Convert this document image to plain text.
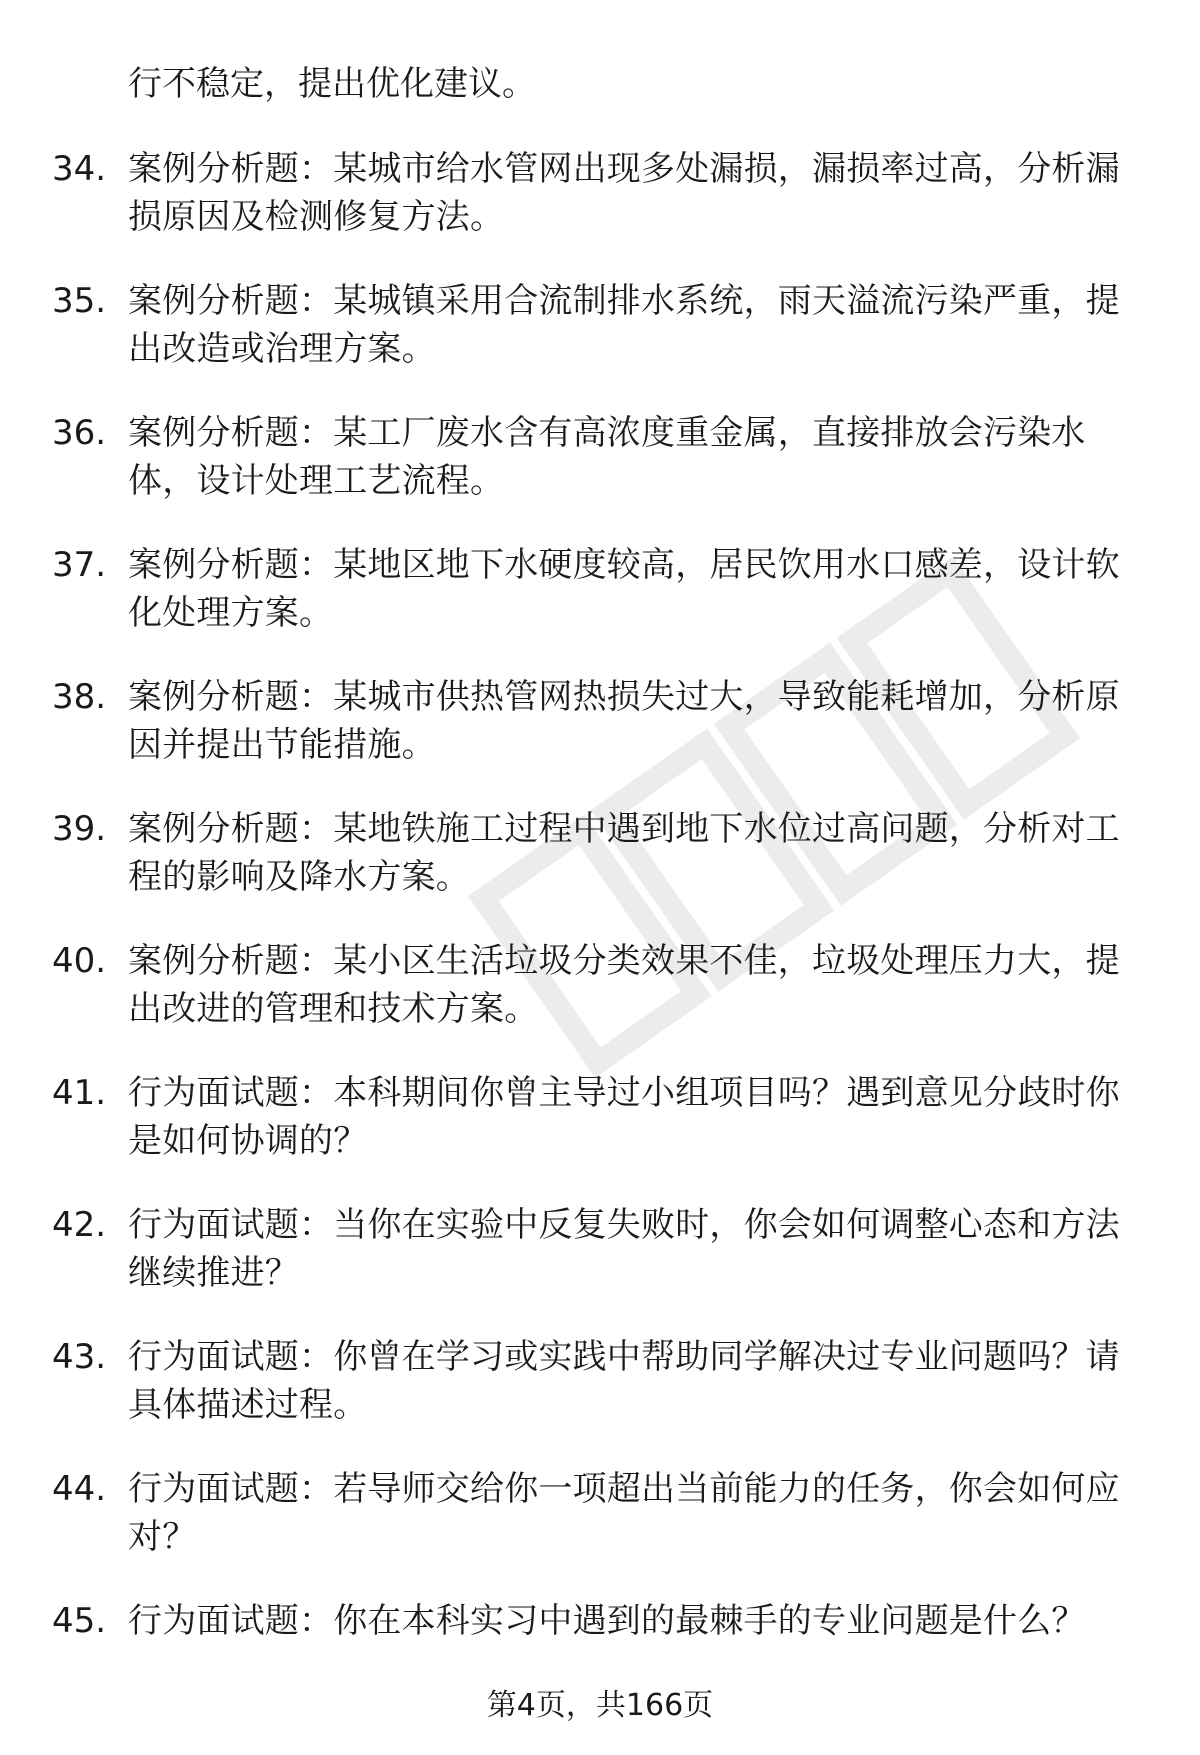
行不稳定，提出优化建议。
34. 案例分析题：某城市给水管网出现多处漏损，漏损率过高，分析漏损原因及检测修复方法。
35. 案例分析题：某城镇采用合流制排水系统，雨天溢流污染严重，提出改造或治理方案。
36. 案例分析题：某工厂废水含有高浓度重金属，直接排放会污染水体，设计处理工艺流程。
37. 案例分析题：某地区地下水硬度较高，居民饮用水口感差，设计软化处理方案。
38. 案例分析题：某城市供热管网热损失过大，导致能耗增加，分析原因并提出节能措施。
39. 案例分析题：某地铁施工过程中遇到地下水位过高问题，分析对工程的影响及降水方案。
40. 案例分析题：某小区生活垃圾分类效果不佳，垃圾处理压力大，提出改进的管理和技术方案。
41. 行为面试题：本科期间你曾主导过小组项目吗？遇到意见分歧时你是如何协调的？
42. 行为面试题：当你在实验中反复失败时，你会如何调整心态和方法继续推进？
43. 行为面试题：你曾在学习或实践中帮助同学解决过专业问题吗？请具体描述过程。
44. 行为面试题：若导师交给你一项超出当前能力的任务，你会如何应对？
45. 行为面试题：你在本科实习中遇到的最棘手的专业问题是什么？
第4页，共166页
